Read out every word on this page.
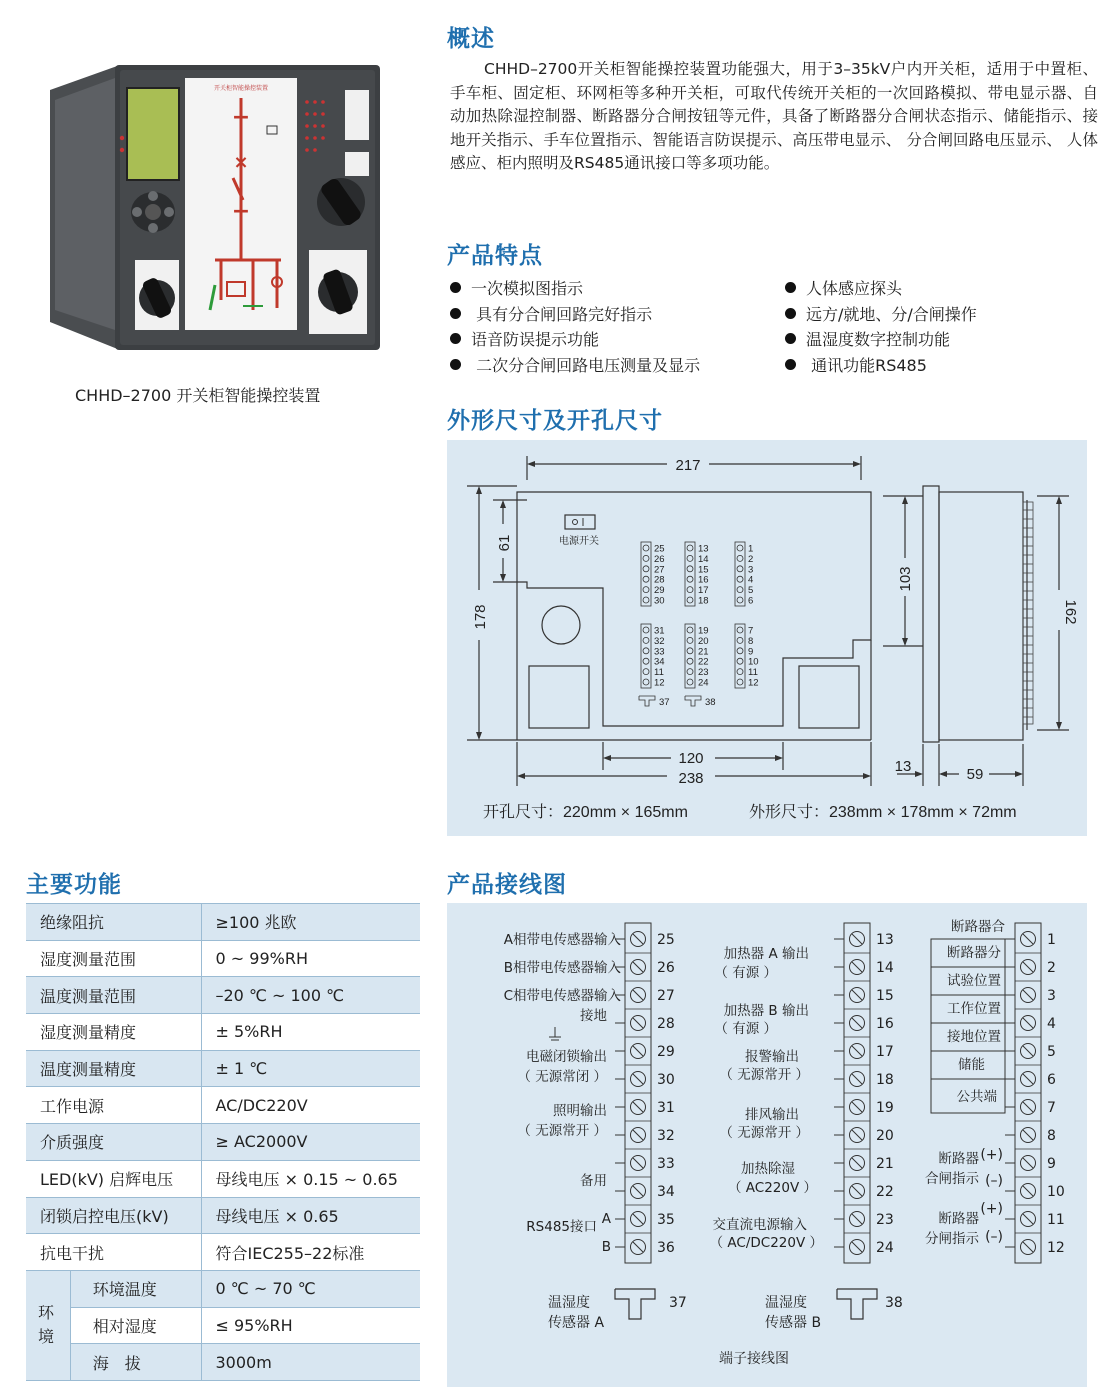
开关柜智能操控装置
+
×
+
CHHD–2700 开关柜智能操控装置
概述
CHHD–2700开关柜智能操控装置功能强大，用于3–35kV户内开关柜，适用于中置柜、手车柜、固定柜、环网柜等多种开关柜，可取代传统开关柜的一次回路模拟、带电显示器、自动加热除湿控制器、断路器分合闸按钮等元件，具备了断路器分合闸状态指示、储能指示、接地开关指示、手车位置指示、智能语言防误提示、高压带电显示、 分合闸回路电压显示、 人体感应、柜内照明及RS485通讯接口等多项功能。
产品特点
一次模拟图指示
具有分合闸回路完好指示
语音防误提示功能
二次分合闸回路电压测量及显示
人体感应探头
远方/就地、分/合闸操作
温湿度数字控制功能
通讯功能RS485
外形尺寸及开孔尺寸
电源开关
217
61
178
103
162
120
238
13	59
25
26
27
28
29
30
13
14
15
16
17
18
1
2
3
4
5
6
31
32
33
34
11
12
19
20
21
22
23
24
7
8
9
10
11
12
37	38
开孔尺寸：220mm × 165mm	外形尺寸：238mm × 178mm × 72mm
主要功能
绝缘阻抗		≥100 兆欧
湿度测量范围		0 ~ 99%RH
温度测量范围		–20 ℃ ~ 100 ℃
湿度测量精度		± 5%RH
温度测量精度		± 1 ℃
工作电源		AC/DC220V
介质强度		≥ AC2000V
LED(kV) 启辉电压		母线电压 × 0.15 ~ 0.65
闭锁启控电压(kV)		母线电压 × 0.65
抗电干扰		符合IEC255–22标准
环境	环境温度	0 ℃ ~ 70 ℃
	相对湿度	≤ 95%RH
	海　拔	3000m
产品接线图
25
26
27
28
29
30
31
32
33
34
35
36
13
14
15
16
17
18
19
20
21
22
23
24
1
2
3
4
5
6
7
8
9
10
11
12
A相带电传感器输入
B相带电传感器输入
C相带电传感器输入
接地
电磁闭锁输出
（ 无源常闭 ）
照明输出
（ 无源常开 ）
备用
RS485接口 A
B
加热器 A 输出
（ 有源 ）
加热器 B 输出
（ 有源 ）
报警输出
（ 无源常开 ）
排风输出
（ 无源常开 ）
加热除湿
（ AC220V ）
交直流电源输入
（ AC/DC220V ）
断路器合
断路器分
试验位置
工作位置
接地位置
储能
公共端
断路器
合闸指示
断路器
分闸指示
(+)
(–)
(+)
(–)
温湿度
传感器 A
37	温湿度
传感器 B
38
端子接线图
